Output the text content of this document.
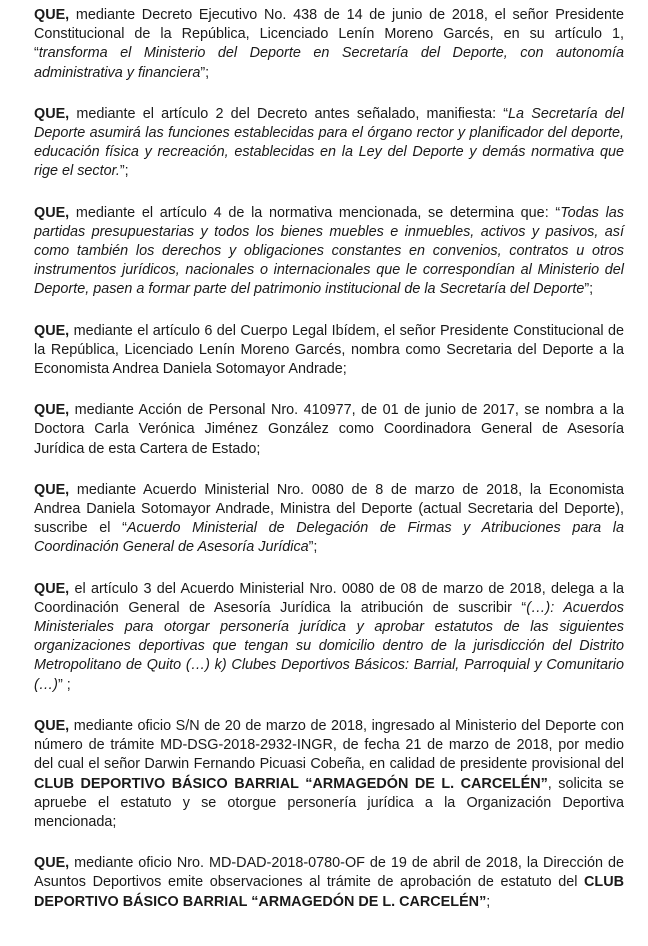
QUE, mediante Decreto Ejecutivo No. 438 de 14 de junio de 2018, el señor Presidente Constitucional de la República, Licenciado Lenín Moreno Garcés, en su artículo 1, “transforma el Ministerio del Deporte en Secretaría del Deporte, con autonomía administrativa y financiera”;

QUE, mediante el artículo 2 del Decreto antes señalado, manifiesta: “La Secretaría del Deporte asumirá las funciones establecidas para el órgano rector y planificador del deporte, educación física y recreación, establecidas en la Ley del Deporte y demás normativa que rige el sector.”;

QUE, mediante el artículo 4 de la normativa mencionada, se determina que: “Todas las partidas presupuestarias y todos los bienes muebles e inmuebles, activos y pasivos, así como también los derechos y obligaciones constantes en convenios, contratos u otros instrumentos jurídicos, nacionales o internacionales que le correspondían al Ministerio del Deporte, pasen a formar parte del patrimonio institucional de la Secretaría del Deporte”;

QUE, mediante el artículo 6 del Cuerpo Legal Ibídem, el señor Presidente Constitucional de la República, Licenciado Lenín Moreno Garcés, nombra como Secretaria del Deporte a la Economista Andrea Daniela Sotomayor Andrade;

QUE, mediante Acción de Personal Nro. 410977, de 01 de junio de 2017, se nombra a la Doctora Carla Verónica Jiménez González como Coordinadora General de Asesoría Jurídica de esta Cartera de Estado;

QUE, mediante Acuerdo Ministerial Nro. 0080 de 8 de marzo de 2018, la Economista Andrea Daniela Sotomayor Andrade, Ministra del Deporte (actual Secretaria del Deporte), suscribe el “Acuerdo Ministerial de Delegación de Firmas y Atribuciones para la Coordinación General de Asesoría Jurídica”;

QUE, el artículo 3 del Acuerdo Ministerial Nro. 0080 de 08 de marzo de 2018, delega a la Coordinación General de Asesoría Jurídica la atribución de suscribir “(…): Acuerdos Ministeriales para otorgar personería jurídica y aprobar estatutos de las siguientes organizaciones deportivas que tengan su domicilio dentro de la jurisdicción del Distrito Metropolitano de Quito (…) k) Clubes Deportivos Básicos: Barrial, Parroquial y Comunitario (…)” ;

QUE, mediante oficio S/N de 20 de marzo de 2018, ingresado al Ministerio del Deporte con número de trámite MD-DSG-2018-2932-INGR, de fecha 21 de marzo de 2018, por medio del cual el señor Darwin Fernando Picuasi Cobeña, en calidad de presidente provisional del CLUB DEPORTIVO BÁSICO BARRIAL “ARMAGEDÓN DE L. CARCELÉN”, solicita se apruebe el estatuto y se otorgue personería jurídica a la Organización Deportiva mencionada;

QUE, mediante oficio Nro. MD-DAD-2018-0780-OF de 19 de abril de 2018, la Dirección de Asuntos Deportivos emite observaciones al trámite de aprobación de estatuto del CLUB DEPORTIVO BÁSICO BARRIAL “ARMAGEDÓN DE L. CARCELÉN”;
